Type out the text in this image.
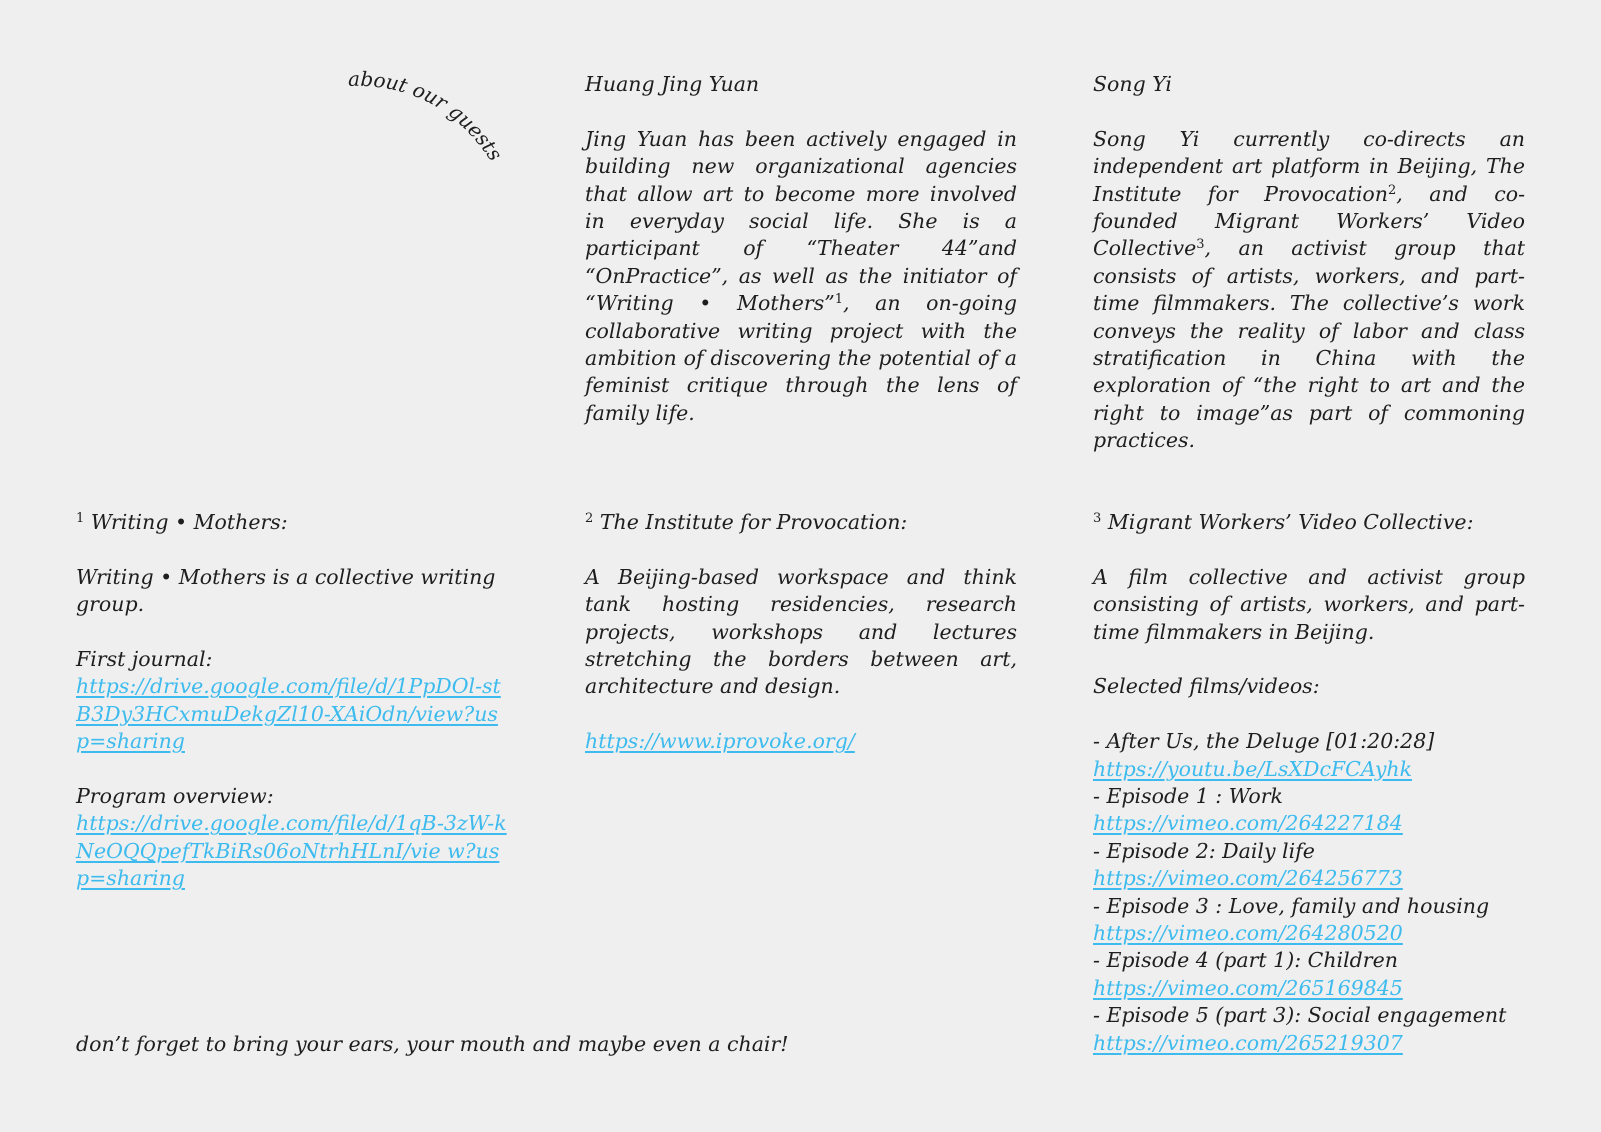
about our guests

Huang Jing Yuan

Jing Yuan has been actively engaged in building new organizational agencies that allow art to become more involved in everyday social life. She is a participant of “Theater 44”and “OnPractice”, as well as the initiator of “Writing • Mothers”$^1$, an on-going collaborative writing project with the ambition of discovering the potential of a feminist critique through the lens of family life.

Song Yi

Song Yi currently co-directs an independent art platform in Beijing, The Institute for Provocation$^2$, and co-founded Migrant Workers’ Video Collective$^3$, an activist group that consists of artists, workers, and part-time filmmakers. The collective’s work conveys the reality of labor and class stratification in China with the exploration of “the right to art and the right to image”as part of commoning practices.

$^1$ Writing • Mothers:

Writing • Mothers is a collective writing group.

First journal:

https://drive.google.com/file/d/1PpDOl-stB3Dy3HCxmuDekgZl10-XAiOdn/view?usp=sharing

Program overview:

https://drive.google.com/file/d/1qB-3zW-kNeOQQpefTkBiRs06oNtrhHLnI/vie w?usp=sharing

$^2$ The Institute for Provocation:

A Beijing-based workspace and think tank hosting residencies, research projects, workshops and lectures stretching the borders between art, architecture and design.

https://www.iprovoke.org/

$^3$ Migrant Workers’ Video Collective:

A film collective and activist group consisting of artists, workers, and part-time filmmakers in Beijing.

Selected films/videos:

- After Us, the Deluge [01:20:28]

https://youtu.be/LsXDcFCAyhk

- Episode 1 : Work

https://vimeo.com/264227184

- Episode 2: Daily life

https://vimeo.com/264256773

- Episode 3 : Love, family and housing

https://vimeo.com/264280520

- Episode 4 (part 1): Children

https://vimeo.com/265169845

- Episode 5 (part 3): Social engagement

https://vimeo.com/265219307

don’t forget to bring your ears, your mouth and maybe even a chair!
